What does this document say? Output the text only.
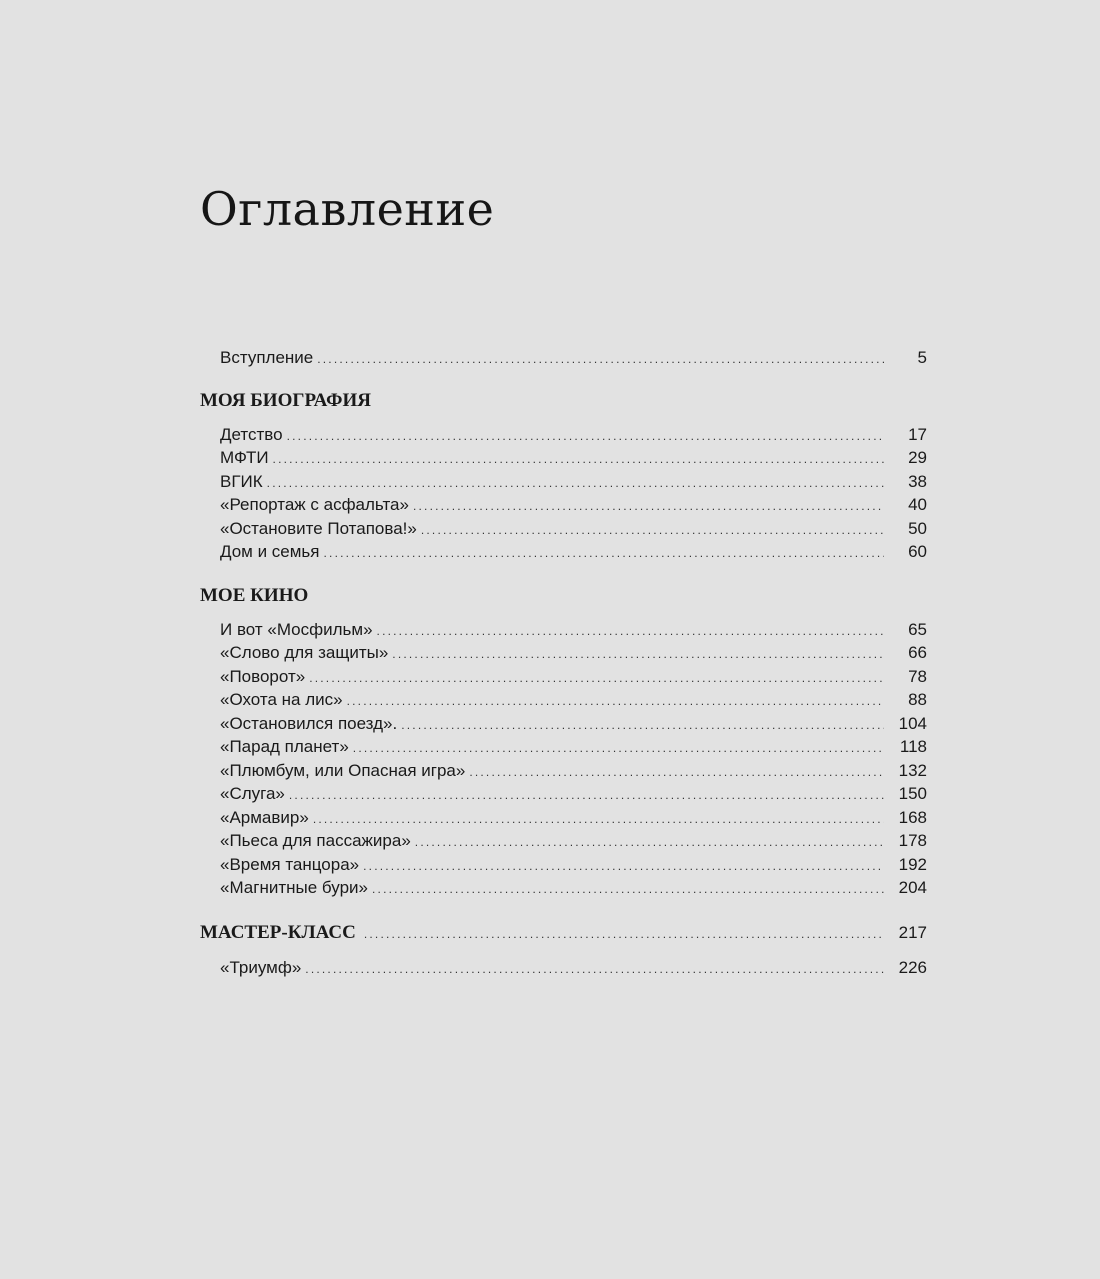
Оглавление
Вступление .....	5
МОЯ БИОГРАФИЯ
Детство .....	17
МФТИ .....	29
ВГИК .....	38
«Репортаж с асфальта» .....	40
«Остановите Потапова!» .....	50
Дом и семья .....	60
МОЕ КИНО
И вот «Мосфильм» .....	65
«Слово для защиты» .....	66
«Поворот» .....	78
«Охота на лис» .....	88
«Остановился поезд». .....	104
«Парад планет» .....	118
«Плюмбум, или Опасная игра» .....	132
«Слуга» .....	150
«Армавир» .....	168
«Пьеса для пассажира» .....	178
«Время танцора» .....	192
«Магнитные бури» .....	204
МАСТЕР-КЛАСС .....	217
«Триумф» .....	226
